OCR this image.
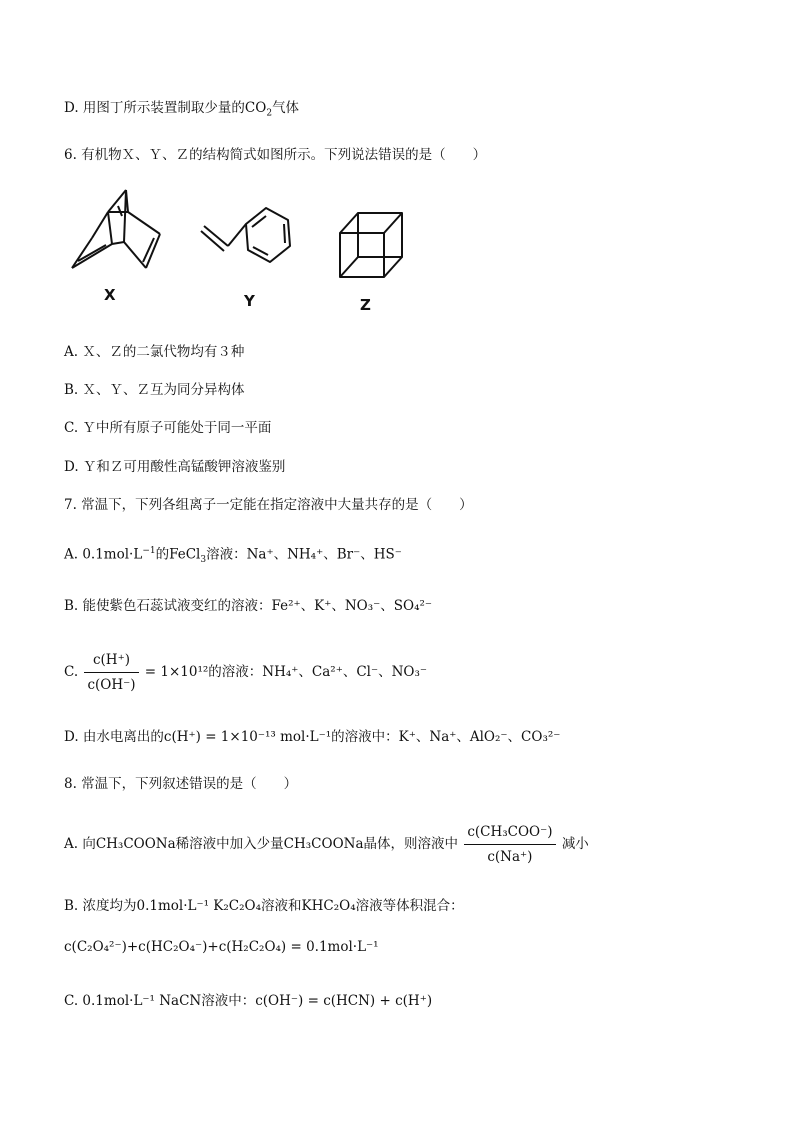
D. 用图丁所示装置制取少量的$CO_2$气体
6. 有机物Ｘ、Ｙ、Ｚ的结构简式如图所示。下列说法错误的是（　　）
X	Y	Z
A. Ｘ、Ｚ的二氯代物均有３种
B. Ｘ、Ｙ、Ｚ互为同分异构体
C. Ｙ中所有原子可能处于同一平面
D. Ｙ和Ｚ可用酸性高锰酸钾溶液鉴别
7. 常温下，下列各组离子一定能在指定溶液中大量共存的是（　　）
A. $0.1mol\cdot L^{-1}$的FeCl$_3$溶液：Na⁺、NH₄⁺、Br⁻、HS⁻
B. 能使紫色石蕊试液变红的溶液：Fe²⁺、K⁺、NO₃⁻、SO₄²⁻
C. $\frac{c(H^+)}{c(OH^-)} = 1\times 10^{12}$的溶液：NH₄⁺、Ca²⁺、Cl⁻、NO₃⁻
D. 由水电离出的c(H⁺) = 1×10⁻¹³ mol·L⁻¹的溶液中：K⁺、Na⁺、AlO₂⁻、CO₃²⁻
8. 常温下，下列叙述错误的是（　　）
A. 向CH₃COONa稀溶液中加入少量CH₃COONa晶体，则溶液中 $\frac{\text{c(CH₃COO⁻)}}{c(Na^+)}$ 减小
B. 浓度均为0.1mol·L⁻¹ K₂C₂O₄溶液和KHC₂O₄溶液等体积混合：
c(C₂O₄²⁻)+c(HC₂O₄⁻)+c(H₂C₂O₄) = 0.1mol·L⁻¹
C. 0.1mol·L⁻¹ NaCN溶液中：c(OH⁻) = c(HCN) + c(H⁺)
